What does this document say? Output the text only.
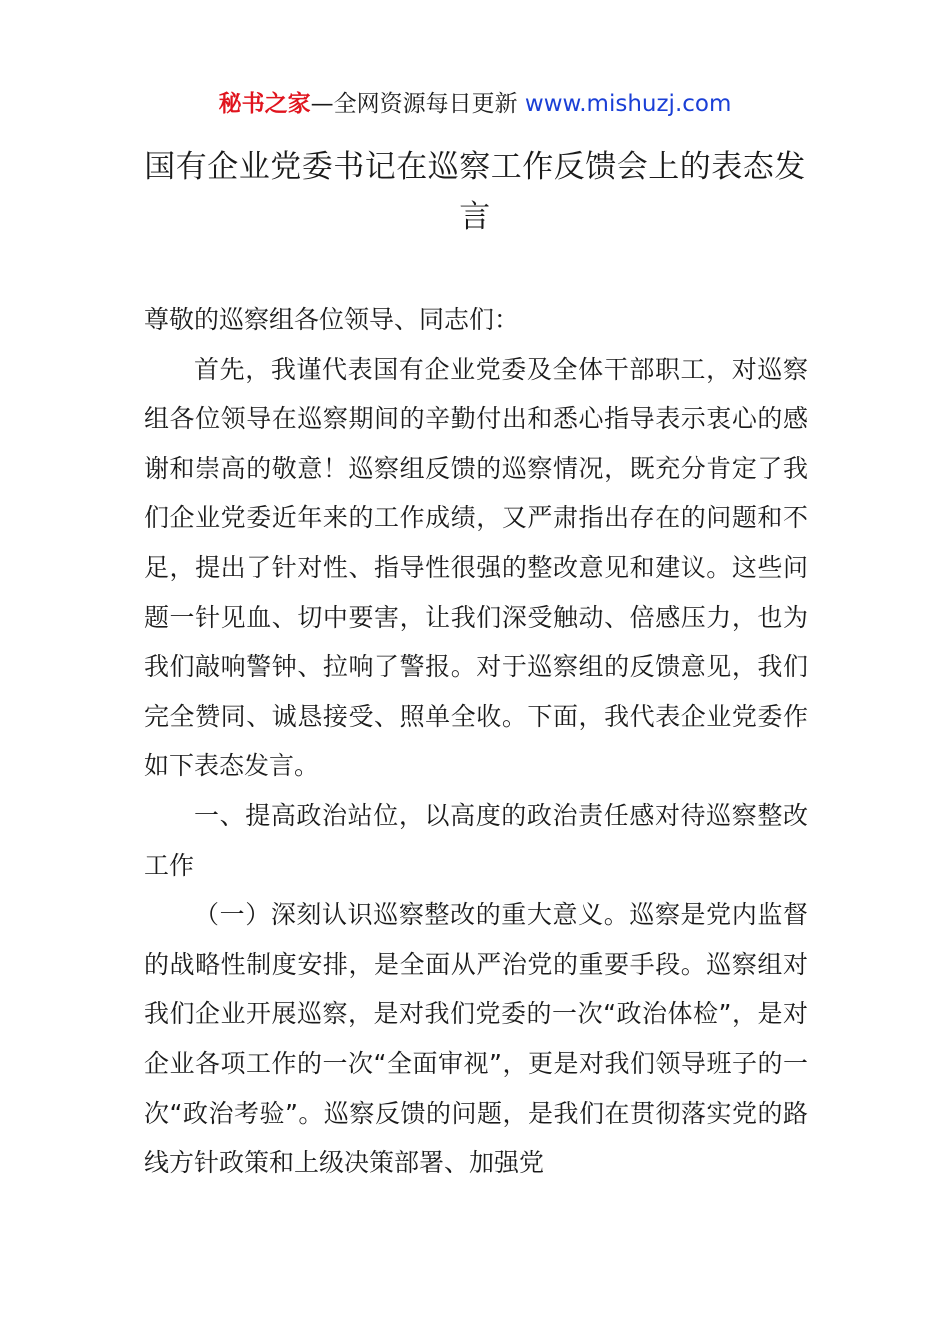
秘书之家—全网资源每日更新 www.mishuzj.com
国有企业党委书记在巡察工作反馈会上的表态发言

尊敬的巡察组各位领导、同志们：

首先，我谨代表国有企业党委及全体干部职工，对巡察组各位领导在巡察期间的辛勤付出和悉心指导表示衷心的感谢和崇高的敬意！巡察组反馈的巡察情况，既充分肯定了我们企业党委近年来的工作成绩，又严肃指出存在的问题和不足，提出了针对性、指导性很强的整改意见和建议。这些问题一针见血、切中要害，让我们深受触动、倍感压力，也为我们敲响警钟、拉响了警报。对于巡察组的反馈意见，我们完全赞同、诚恳接受、照单全收。下面，我代表企业党委作如下表态发言。

一、提高政治站位，以高度的政治责任感对待巡察整改工作

（一）深刻认识巡察整改的重大意义。巡察是党内监督的战略性制度安排，是全面从严治党的重要手段。巡察组对我们企业开展巡察，是对我们党委的一次“政治体检”，是对企业各项工作的一次“全面审视”，更是对我们领导班子的一次“政治考验”。巡察反馈的问题，是我们在贯彻落实党的路线方针政策和上级决策部署、加强党
